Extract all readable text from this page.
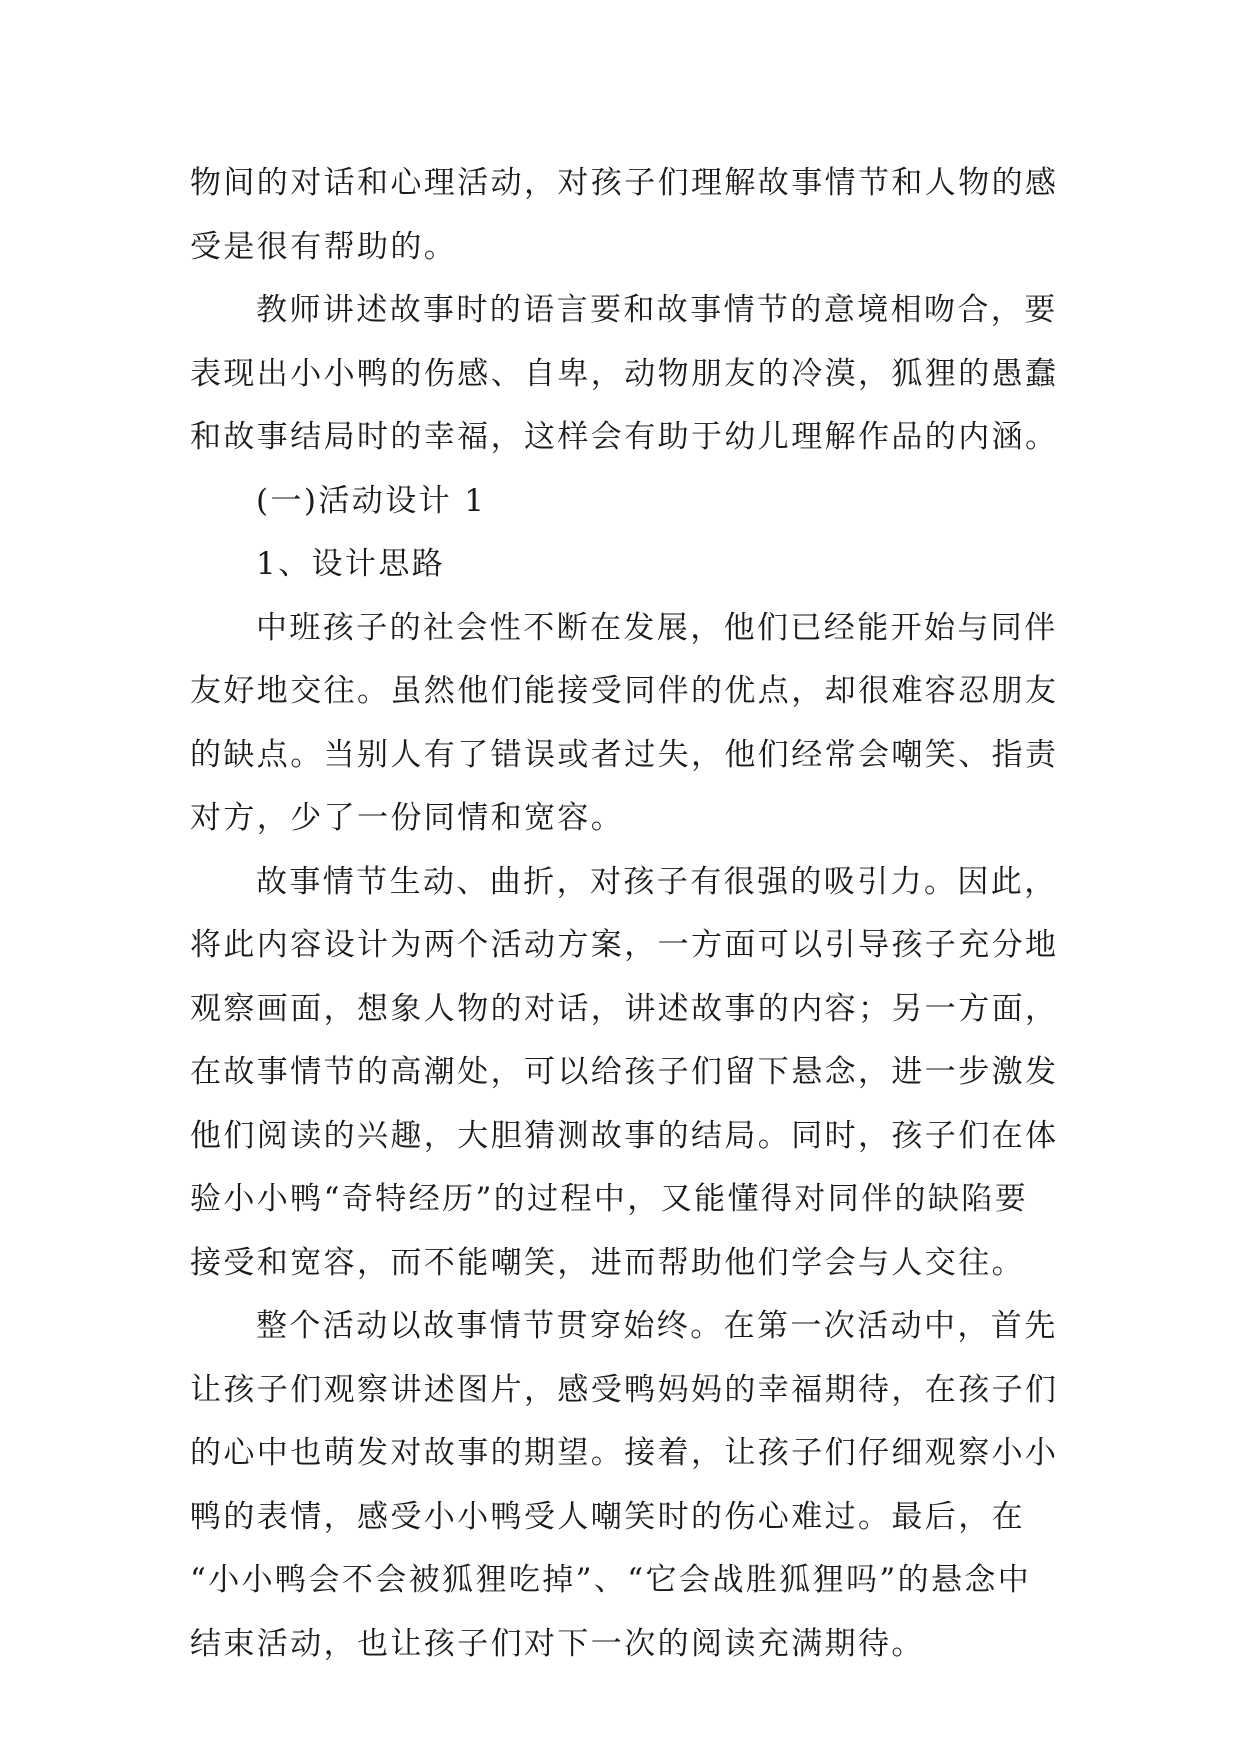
物间的对话和心理活动，对孩子们理解故事情节和人物的感
受是很有帮助的。
教师讲述故事时的语言要和故事情节的意境相吻合，要
表现出小小鸭的伤感、自卑，动物朋友的冷漠，狐狸的愚蠢
和故事结局时的幸福，这样会有助于幼儿理解作品的内涵。
(一)活动设计 1
1、设计思路
中班孩子的社会性不断在发展，他们已经能开始与同伴
友好地交往。虽然他们能接受同伴的优点，却很难容忍朋友
的缺点。当别人有了错误或者过失，他们经常会嘲笑、指责
对方，少了一份同情和宽容。
故事情节生动、曲折，对孩子有很强的吸引力。因此，
将此内容设计为两个活动方案，一方面可以引导孩子充分地
观察画面，想象人物的对话，讲述故事的内容；另一方面，
在故事情节的高潮处，可以给孩子们留下悬念，进一步激发
他们阅读的兴趣，大胆猜测故事的结局。同时，孩子们在体
验小小鸭“奇特经历”的过程中，又能懂得对同伴的缺陷要
接受和宽容，而不能嘲笑，进而帮助他们学会与人交往。
整个活动以故事情节贯穿始终。在第一次活动中，首先
让孩子们观察讲述图片，感受鸭妈妈的幸福期待，在孩子们
的心中也萌发对故事的期望。接着，让孩子们仔细观察小小
鸭的表情，感受小小鸭受人嘲笑时的伤心难过。最后，在
“小小鸭会不会被狐狸吃掉”、“它会战胜狐狸吗”的悬念中
结束活动，也让孩子们对下一次的阅读充满期待。
